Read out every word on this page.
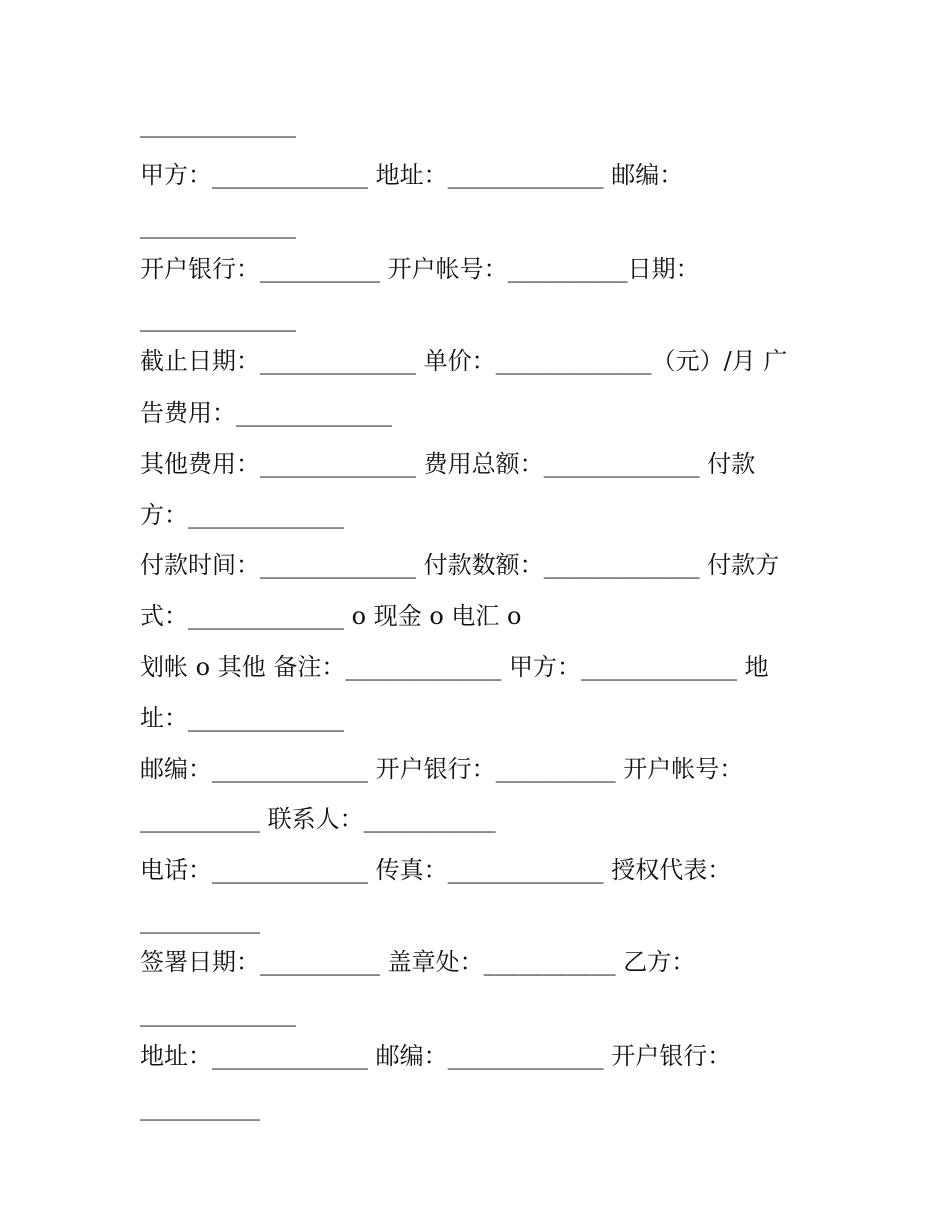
_____________
甲方：_____________ 地址：_____________ 邮编：
_____________
开户银行：__________ 开户帐号：__________日期：
_____________
截止日期：_____________ 单价：_____________（元）/月 广
告费用：_____________
其他费用：_____________ 费用总额：_____________ 付款
方：_____________
付款时间：_____________ 付款数额：_____________ 付款方
式：_____________ o 现金 o 电汇 o
划帐 o 其他 备注：_____________ 甲方：_____________ 地
址：_____________
邮编：_____________ 开户银行：__________ 开户帐号：
__________ 联系人：___________
电话：_____________ 传真：_____________ 授权代表：
__________
签署日期：__________ 盖章处：___________ 乙方：
_____________
地址：_____________ 邮编：_____________ 开户银行：
__________
